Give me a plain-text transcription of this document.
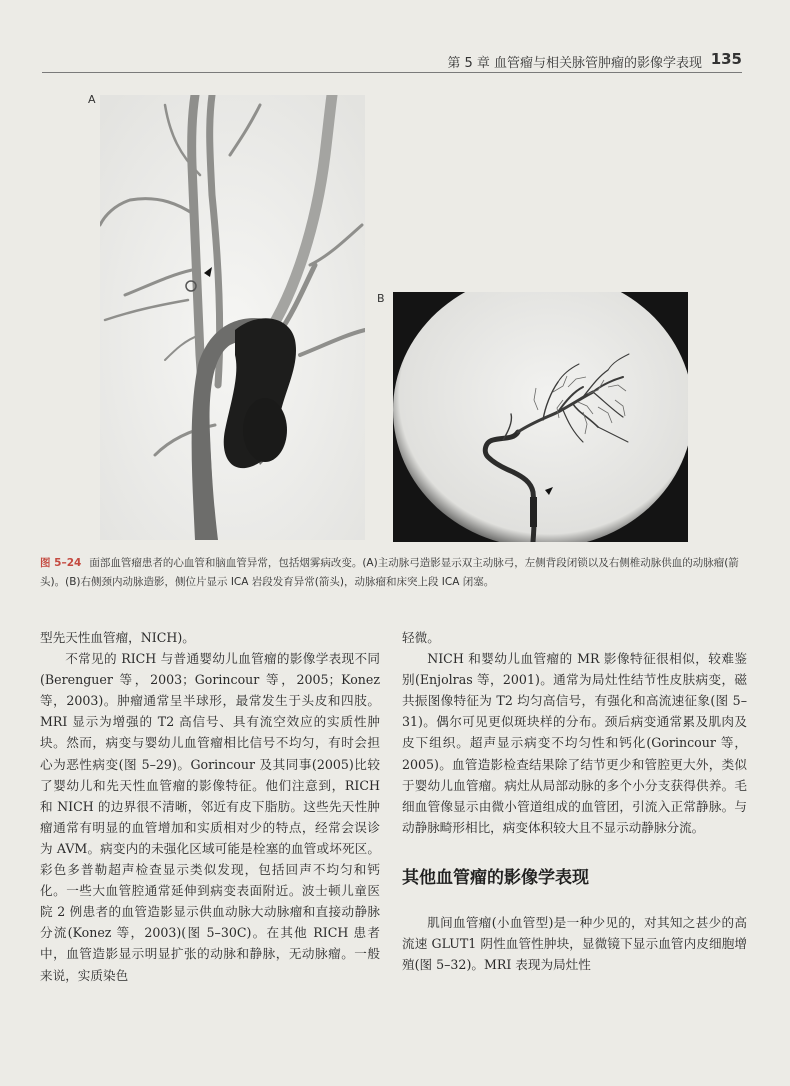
第 5 章 血管瘤与相关脉管肿瘤的影像学表现 135
A
B
图 5–24 面部血管瘤患者的心血管和脑血管异常，包括烟雾病改变。(A)主动脉弓造影显示双主动脉弓，左侧背段闭锁以及右侧椎动脉供血的动脉瘤(箭头)。(B)右侧颈内动脉造影，侧位片显示 ICA 岩段发育异常(箭头)，动脉瘤和床突上段 ICA 闭塞。

型先天性血管瘤，NICH)。

不常见的 RICH 与普通婴幼儿血管瘤的影像学表现不同(Berenguer 等，2003；Gorincour 等，2005；Konez 等，2003)。肿瘤通常呈半球形，最常发生于头皮和四肢。MRI 显示为增强的 T2 高信号、具有流空效应的实质性肿块。然而，病变与婴幼儿血管瘤相比信号不均匀，有时会担心为恶性病变(图 5–29)。Gorincour 及其同事(2005)比较了婴幼儿和先天性血管瘤的影像特征。他们注意到，RICH 和 NICH 的边界很不清晰，邻近有皮下脂肪。这些先天性肿瘤通常有明显的血管增加和实质相对少的特点，经常会误诊为 AVM。病变内的未强化区域可能是栓塞的血管或坏死区。彩色多普勒超声检查显示类似发现，包括回声不均匀和钙化。一些大血管腔通常延伸到病变表面附近。波士顿儿童医院 2 例患者的血管造影显示供血动脉大动脉瘤和直接动静脉分流(Konez 等，2003)(图 5–30C)。在其他 RICH 患者中，血管造影显示明显扩张的动脉和静脉，无动脉瘤。一般来说，实质染色

轻微。

NICH 和婴幼儿血管瘤的 MR 影像特征很相似，较难鉴别(Enjolras 等，2001)。通常为局灶性结节性皮肤病变，磁共振图像特征为 T2 均匀高信号，有强化和高流速征象(图 5–31)。偶尔可见更似斑块样的分布。颈后病变通常累及肌肉及皮下组织。超声显示病变不均匀性和钙化(Gorincour 等，2005)。血管造影检查结果除了结节更少和管腔更大外，类似于婴幼儿血管瘤。病灶从局部动脉的多个小分支获得供养。毛细血管像显示由微小管道组成的血管团，引流入正常静脉。与动静脉畸形相比，病变体积较大且不显示动静脉分流。

其他血管瘤的影像学表现

肌间血管瘤(小血管型)是一种少见的，对其知之甚少的高流速 GLUT1 阴性血管性肿块，显微镜下显示血管内皮细胞增殖(图 5–32)。MRI 表现为局灶性
